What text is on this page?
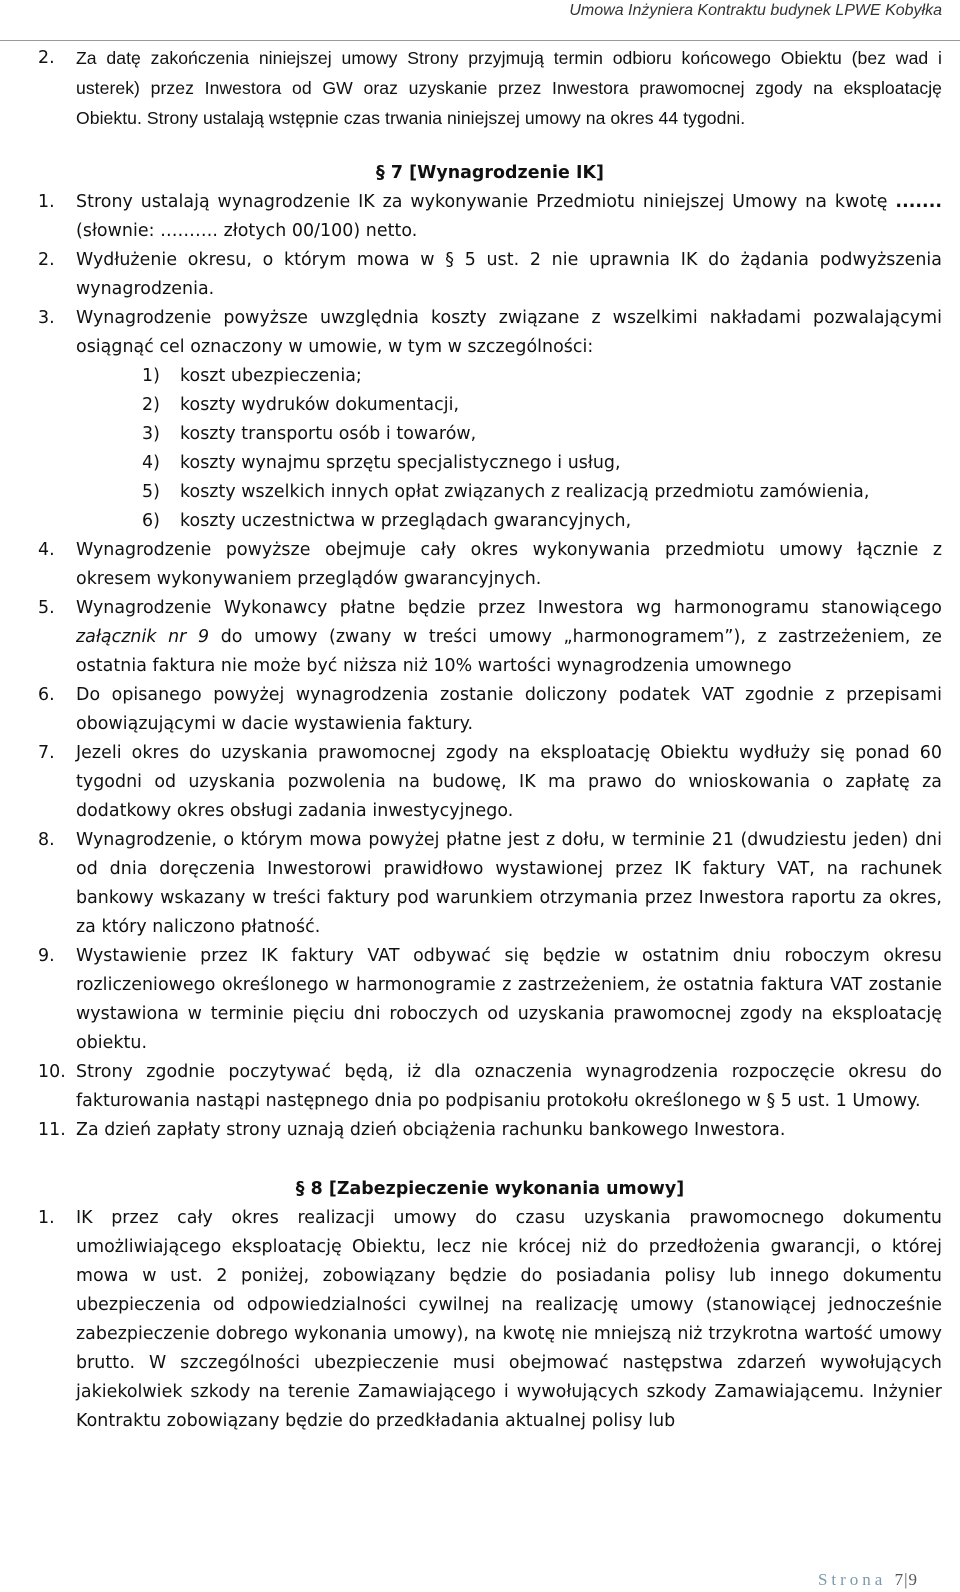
Umowa Inżyniera Kontraktu budynek LPWE Kobyłka
2. Za datę zakończenia niniejszej umowy Strony przyjmują termin odbioru końcowego Obiektu (bez wad i usterek) przez Inwestora od GW oraz uzyskanie przez Inwestora prawomocnej zgody na eksploatację Obiektu. Strony ustalają wstępnie czas trwania niniejszej umowy na okres 44 tygodni.
§ 7 [Wynagrodzenie IK]
1. Strony ustalają wynagrodzenie IK za wykonywanie Przedmiotu niniejszej Umowy na kwotę ....... (słownie: ………. złotych 00/100) netto.
2. Wydłużenie okresu, o którym mowa w § 5 ust. 2 nie uprawnia IK do żądania podwyższenia wynagrodzenia.
3. Wynagrodzenie powyższe uwzględnia koszty związane z wszelkimi nakładami pozwalającymi osiągnąć cel oznaczony w umowie, w tym w szczególności:
1) koszt ubezpieczenia;
2) koszty wydruków dokumentacji,
3) koszty transportu osób i towarów,
4) koszty wynajmu sprzętu specjalistycznego i usług,
5) koszty wszelkich innych opłat związanych z realizacją przedmiotu zamówienia,
6) koszty uczestnictwa w przeglądach gwarancyjnych,
4. Wynagrodzenie powyższe obejmuje cały okres wykonywania przedmiotu umowy łącznie z okresem wykonywaniem przeglądów gwarancyjnych.
5. Wynagrodzenie Wykonawcy płatne będzie przez Inwestora wg harmonogramu stanowiącego załącznik nr 9 do umowy (zwany w treści umowy „harmonogramem”), z zastrzeżeniem, ze ostatnia faktura nie może być niższa niż 10% wartości wynagrodzenia umownego
6. Do opisanego powyżej wynagrodzenia zostanie doliczony podatek VAT zgodnie z przepisami obowiązującymi w dacie wystawienia faktury.
7. Jezeli okres do uzyskania prawomocnej zgody na eksploatację Obiektu wydłuży się ponad 60 tygodni od uzyskania pozwolenia na budowę, IK ma prawo do wnioskowania o zapłatę za dodatkowy okres obsługi zadania inwestycyjnego.
8. Wynagrodzenie, o którym mowa powyżej płatne jest z dołu, w terminie 21 (dwudziestu jeden) dni od dnia doręczenia Inwestorowi prawidłowo wystawionej przez IK faktury VAT, na rachunek bankowy wskazany w treści faktury pod warunkiem otrzymania przez Inwestora raportu za okres, za który naliczono płatność.
9. Wystawienie przez IK faktury VAT odbywać się będzie w ostatnim dniu roboczym okresu rozliczeniowego określonego w harmonogramie z zastrzeżeniem, że ostatnia faktura VAT zostanie wystawiona w terminie pięciu dni roboczych od uzyskania prawomocnej zgody na eksploatację obiektu.
10. Strony zgodnie poczytywać będą, iż dla oznaczenia wynagrodzenia rozpoczęcie okresu do fakturowania nastąpi następnego dnia po podpisaniu protokołu określonego w § 5 ust. 1 Umowy.
11. Za dzień zapłaty strony uznają dzień obciążenia rachunku bankowego Inwestora.
§ 8 [Zabezpieczenie wykonania umowy]
1. IK przez cały okres realizacji umowy do czasu uzyskania prawomocnego dokumentu umożliwiającego eksploatację Obiektu, lecz nie krócej niż do przedłożenia gwarancji, o której mowa w ust. 2 poniżej, zobowiązany będzie do posiadania polisy lub innego dokumentu ubezpieczenia od odpowiedzialności cywilnej na realizację umowy (stanowiącej jednocześnie zabezpieczenie dobrego wykonania umowy), na kwotę nie mniejszą niż trzykrotna wartość umowy brutto. W szczególności ubezpieczenie musi obejmować następstwa zdarzeń wywołujących jakiekolwiek szkody na terenie Zamawiającego i wywołujących szkody Zamawiającemu. Inżynier Kontraktu zobowiązany będzie do przedkładania aktualnej polisy lub
Strona 7|9
